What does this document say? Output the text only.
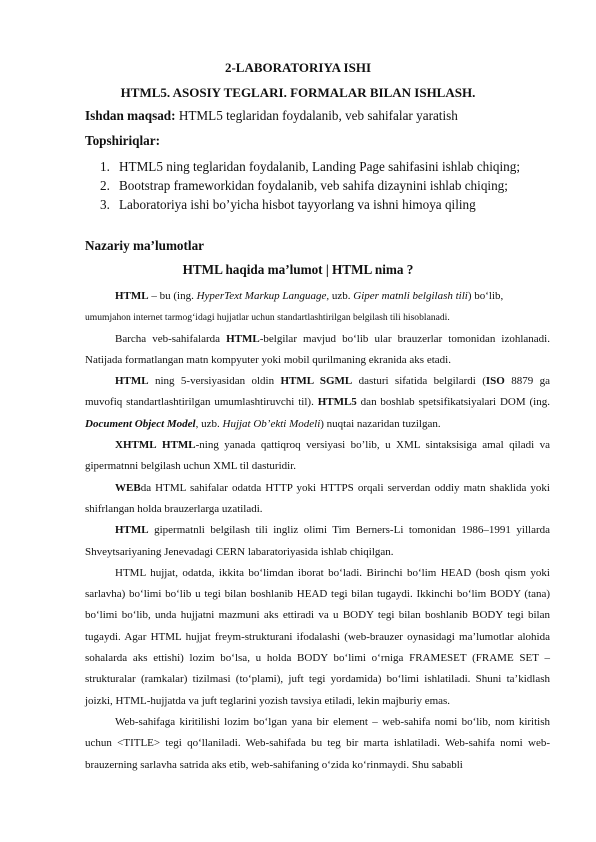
2-LABORATORIYA ISHI
HTML5. ASOSIY TEGLARI. FORMALAR BILAN ISHLASH.
Ishdan maqsad: HTML5 teglaridan foydalanib, veb sahifalar yaratish
Topshiriqlar:
1. HTML5 ning teglaridan foydalanib, Landing Page sahifasini ishlab chiqing;
2. Bootstrap frameworkidan foydalanib, veb sahifa dizaynini ishlab chiqing;
3. Laboratoriya ishi bo’yicha hisbot tayyorlang va ishni himoya qiling
Nazariy ma’lumotlar
HTML haqida ma’lumot | HTML nima ?

HTML – bu (ing. HyperText Markup Language, uzb. Giper matnli belgilash tili) bo‘lib,
umumjahon internet tarmog‘idagi hujjatlar uchun standartlashtirilgan belgilash tili hisoblanadi.

Barcha veb-sahifalarda HTML-belgilar mavjud bo‘lib ular brauzerlar tomonidan izohlanadi. Natijada formatlangan matn kompyuter yoki mobil qurilmaning ekranida aks etadi.

HTML ning 5-versiyasidan oldin HTML SGML dasturi sifatida belgilardi (ISO 8879 ga muvofiq standartlashtirilgan umumlashtiruvchi til). HTML5 dan boshlab spetsifikatsiyalari DOM (ing. Document Object Model, uzb. Hujjat Ob’ekti Modeli) nuqtai nazaridan tuzilgan.

XHTML HTML-ning yanada qattiqroq versiyasi bo’lib, u XML sintaksisiga amal qiladi va gipermatnni belgilash uchun XML til dasturidir.

WEBda HTML sahifalar odatda HTTP yoki HTTPS orqali serverdan oddiy matn shaklida yoki shifrlangan holda brauzerlarga uzatiladi.

HTML gipermatnli belgilash tili ingliz olimi Tim Berners-Li tomonidan 1986–1991 yillarda Shveytsariyaning Jenevadagi CERN labaratoriyasida ishlab chiqilgan.

HTML hujjat, odatda, ikkita bo‘limdan iborat bo‘ladi. Birinchi bo‘lim HEAD (bosh qism yoki sarlavha) bo‘limi bo‘lib u tegi bilan boshlanib HEAD tegi bilan tugaydi. Ikkinchi bo‘lim BODY (tana) bo‘limi bo‘lib, unda hujjatni mazmuni aks ettiradi va u BODY tegi bilan boshlanib BODY tegi bilan tugaydi. Agar HTML hujjat freym-strukturani ifodalashi (web-brauzer oynasidagi ma’lumotlar alohida sohalarda aks ettishi) lozim bo‘lsa, u holda BODY bo‘limi o‘rniga FRAMESET (FRAME SET – strukturalar (ramkalar) tizilmasi (to‘plami), juft tegi yordamida) bo‘limi ishlatiladi. Shuni ta’kidlash joizki, HTML-hujjatda va juft teglarini yozish tavsiya etiladi, lekin majburiy emas.

Web-sahifaga kiritilishi lozim bo‘lgan yana bir element – web-sahifa nomi bo‘lib, nom kiritish uchun <TITLE> tegi qo‘llaniladi. Web-sahifada bu teg bir marta ishlatiladi. Web-sahifa nomi web-brauzerning sarlavha satrida aks etib, web-sahifaning o‘zida ko‘rinmaydi. Shu sababli
